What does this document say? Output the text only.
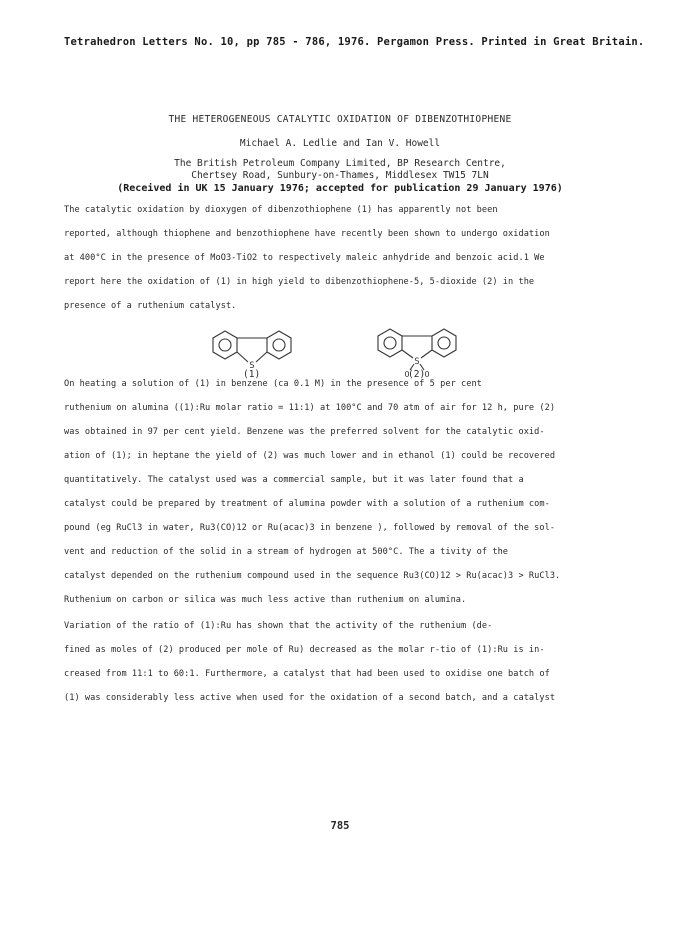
Tetrahedron Letters No. 10, pp 785 - 786, 1976. Pergamon Press. Printed in Great Britain.
THE HETEROGENEOUS CATALYTIC OXIDATION OF DIBENZOTHIOPHENE
Michael A. Ledlie and Ian V. Howell
The British Petroleum Company Limited, BP Research Centre,
Chertsey Road, Sunbury-on-Thames, Middlesex TW15 7LN
(Received in UK 15 January 1976; accepted for publication 29 January 1976)
The catalytic oxidation by dioxygen of dibenzothiophene (1) has apparently not been
reported, although thiophene and benzothiophene have recently been shown to undergo oxidation
at 400°C in the presence of MoO3-TiO2 to respectively maleic anhydride and benzoic acid.1 We
report here the oxidation of (1) in high yield to dibenzothiophene-5, 5-dioxide (2) in the
presence of a ruthenium catalyst.
S	S
O O
(1)	(2)
On heating a solution of (1) in benzene (ca 0.1 M) in the presence of 5 per cent
ruthenium on alumina ((1):Ru molar ratio = 11:1) at 100°C and 70 atm of air for 12 h, pure (2)
was obtained in 97 per cent yield. Benzene was the preferred solvent for the catalytic oxid-
ation of (1); in heptane the yield of (2) was much lower and in ethanol (1) could be recovered
quantitatively. The catalyst used was a commercial sample, but it was later found that a
catalyst could be prepared by treatment of alumina powder with a solution of a ruthenium com-
pound (eg RuCl3 in water, Ru3(CO)12 or Ru(acac)3 in benzene ), followed by removal of the sol-
vent and reduction of the solid in a stream of hydrogen at 500°C. The a tivity of the
catalyst depended on the ruthenium compound used in the sequence Ru3(CO)12 > Ru(acac)3 > RuCl3.
Ruthenium on carbon or silica was much less active than ruthenium on alumina.
Variation of the ratio of (1):Ru has shown that the activity of the ruthenium (de-
fined as moles of (2) produced per mole of Ru) decreased as the molar r-tio of (1):Ru is in-
creased from 11:1 to 60:1. Furthermore, a catalyst that had been used to oxidise one batch of
(1) was considerably less active when used for the oxidation of a second batch, and a catalyst
785
